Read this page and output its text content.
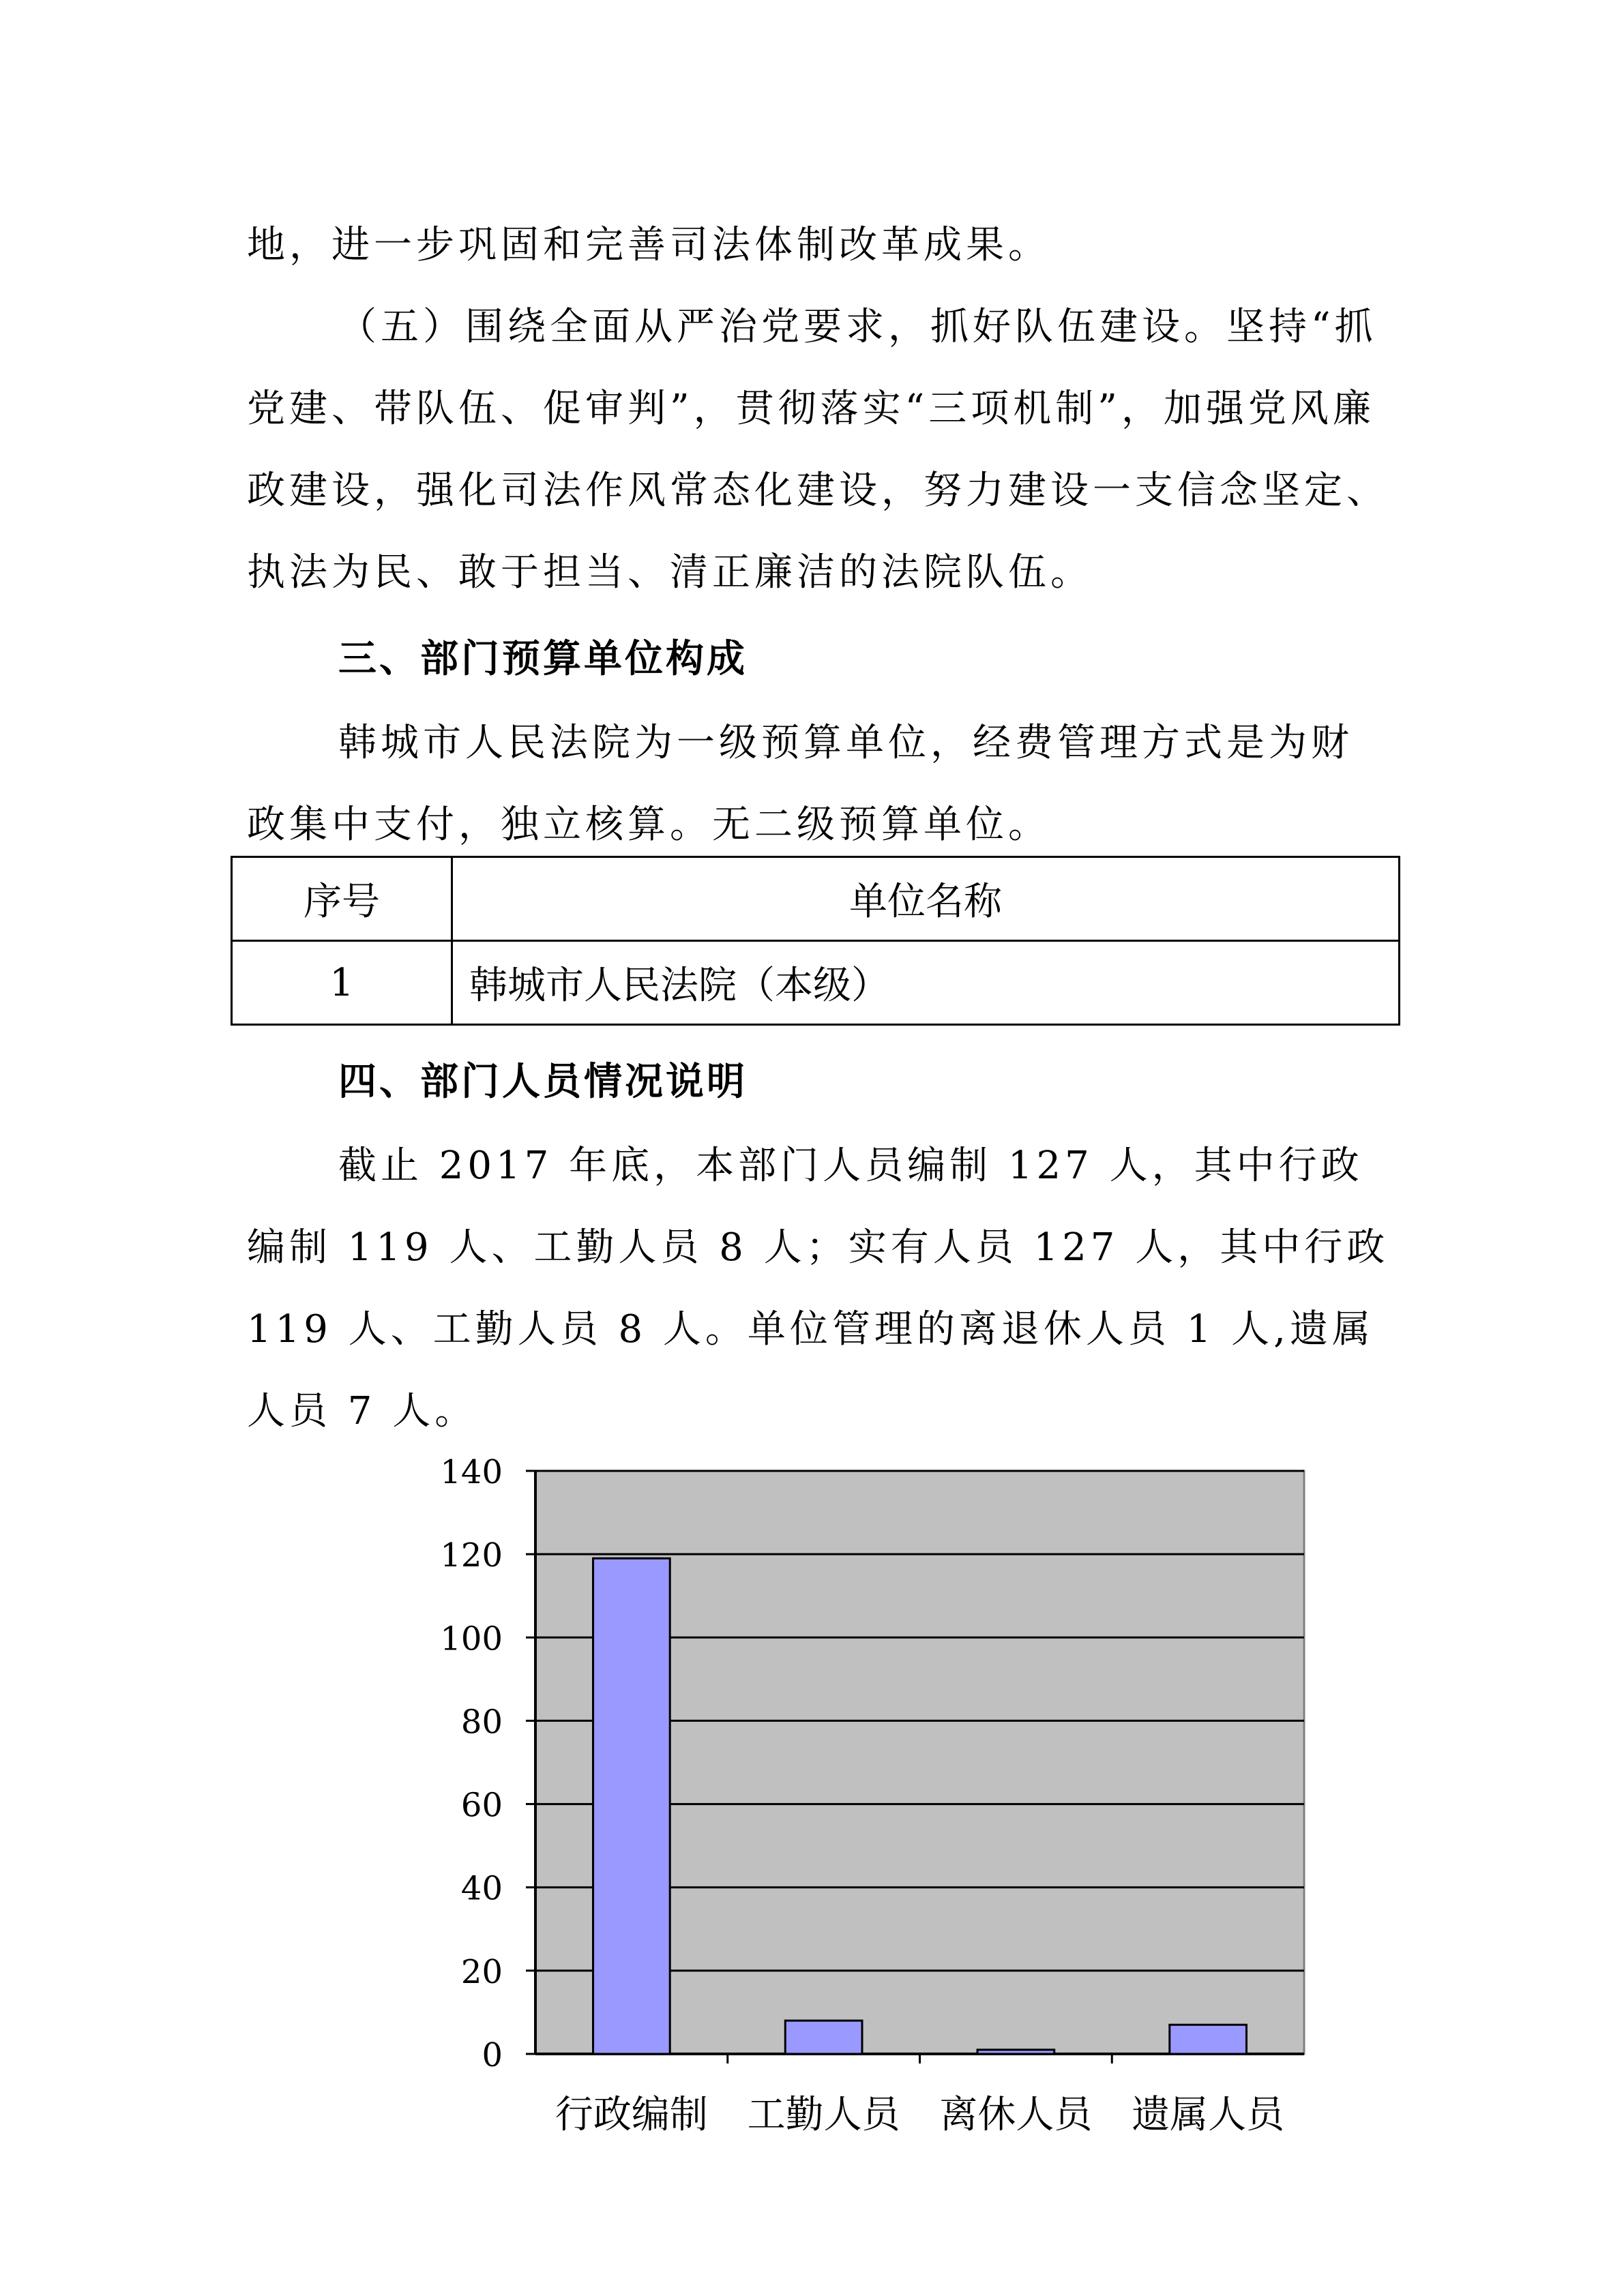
地，进一步巩固和完善司法体制改革成果。

（五）围绕全面从严治党要求，抓好队伍建设。坚持“抓党建、带队伍、促审判”，贯彻落实“三项机制”，加强党风廉政建设，强化司法作风常态化建设，努力建设一支信念坚定、执法为民、敢于担当、清正廉洁的法院队伍。

三、部门预算单位构成

韩城市人民法院为一级预算单位，经费管理方式是为财政集中支付，独立核算。无二级预算单位。

序号	单位名称
1	韩城市人民法院（本级）

四、部门人员情况说明

截止 2017 年底，本部门人员编制 127 人，其中行政编制 119 人、工勤人员 8 人；实有人员 127 人，其中行政 119 人、工勤人员 8 人。单位管理的离退休人员 1 人,遗属人员 7 人。

0
20
40
60
80
100
120
140
行政编制 工勤人员 离休人员 遗属人员
